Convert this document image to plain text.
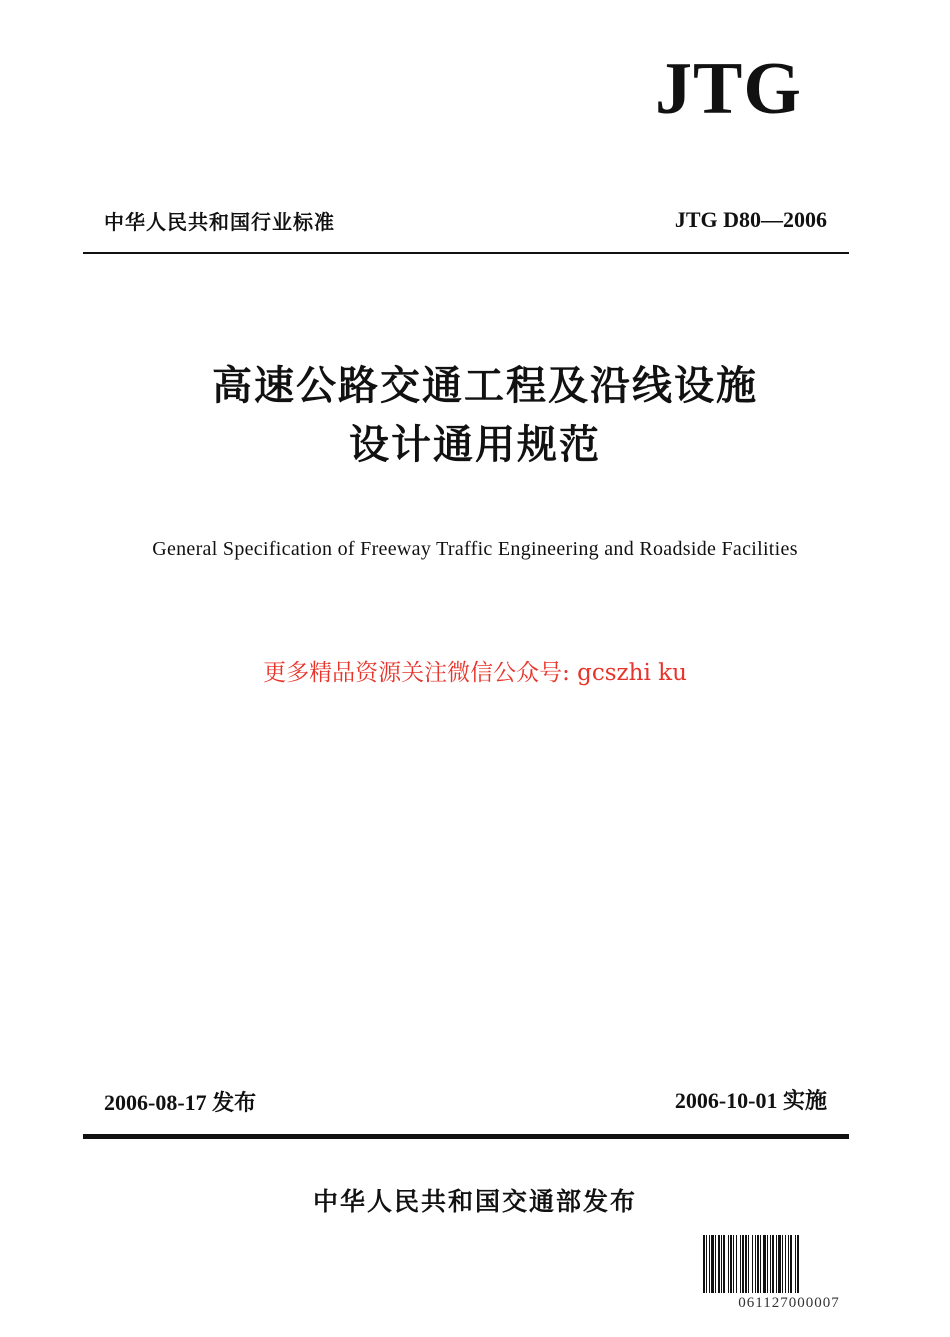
JTG
中华人民共和国行业标准	JTG D80—2006
高速公路交通工程及沿线设施
设计通用规范
General Specification of Freeway Traffic Engineering and Roadside Facilities
更多精品资源关注微信公众号: gcszhi ku
2006-08-17 发布	2006-10-01 实施
中华人民共和国交通部发布
061127000007
